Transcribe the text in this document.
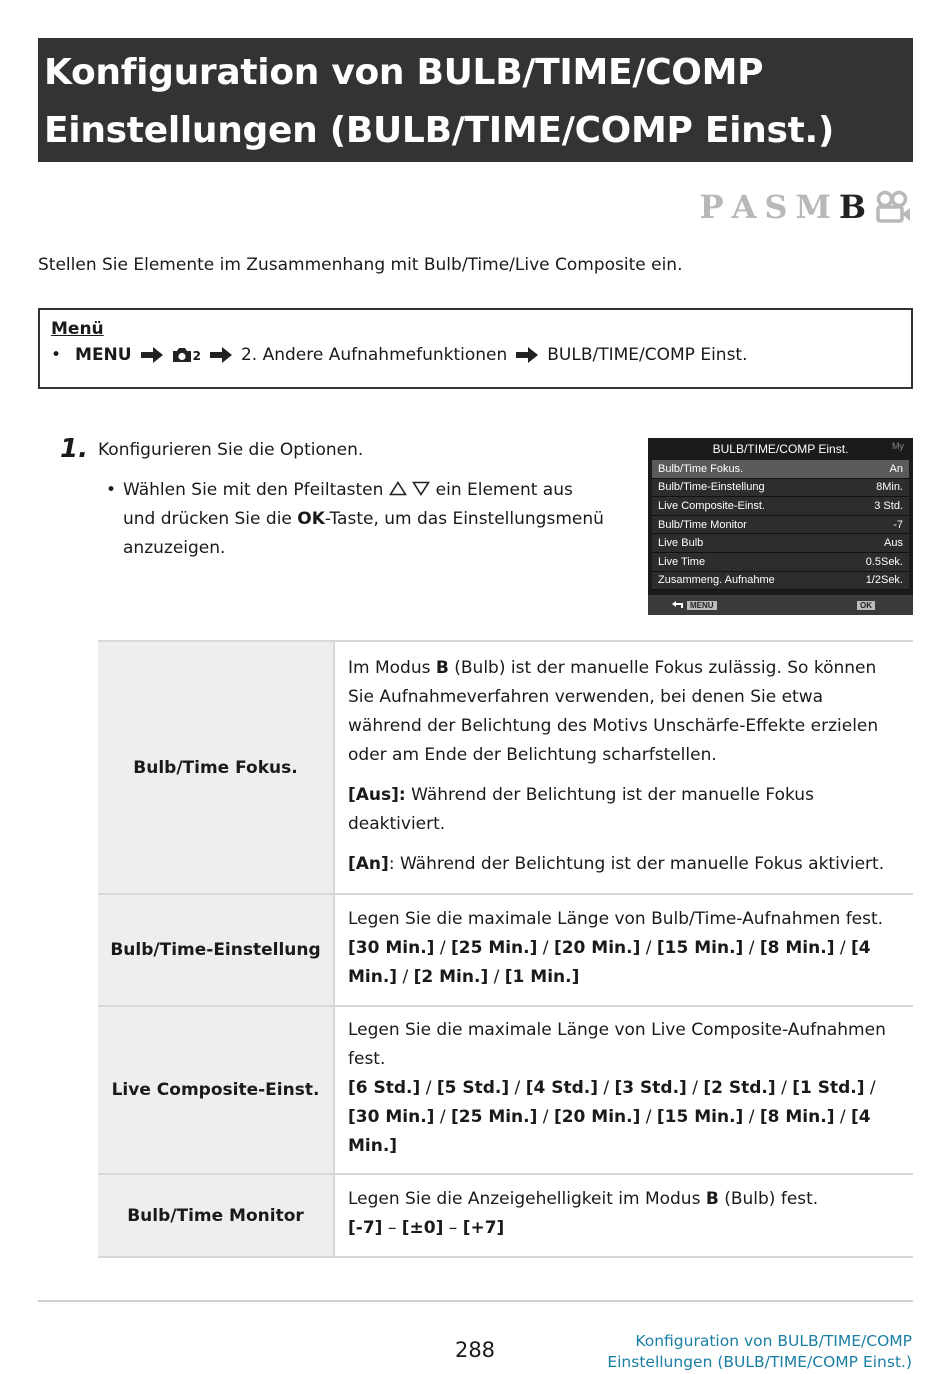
Konfiguration von BULB/TIME/COMP
Einstellungen (BULB/TIME/COMP Einst.)
P A S M B
Stellen Sie Elemente im Zusammenhang mit Bulb/Time/Live Composite ein.
Menü
• MENU	2 2. Andere Aufnahmefunktionen BULB/TIME/COMP Einst.
1. Konfigurieren Sie die Optionen.
• Wählen Sie mit den Pfeiltasten	ein Element aus und drücken Sie die OK-Taste, um das Einstellungsmenü anzuzeigen.
BULB/TIME/COMP Einst.	My
Bulb/Time Fokus.	An
Bulb/Time-Einstellung	8Min.
Live Composite-Einst.	3 Std.
Bulb/Time Monitor	-7
Live Bulb	Aus
Live Time	0.5Sek.
Zusammeng. Aufnahme	1/2Sek.
MENU	OK
Bulb/Time Fokus.	Im Modus B (Bulb) ist der manuelle Fokus zulässig. So können Sie Aufnahmeverfahren verwenden, bei denen Sie etwa während der Belichtung des Motivs Unschärfe-Effekte erzielen oder am Ende der Belichtung scharfstellen.

[Aus]: Während der Belichtung ist der manuelle Fokus deaktiviert.

[An]: Während der Belichtung ist der manuelle Fokus aktiviert.

Bulb/Time-Einstellung	Legen Sie die maximale Länge von Bulb/Time-Aufnahmen fest.
[30 Min.] / [25 Min.] / [20 Min.] / [15 Min.] / [8 Min.] / [4 Min.] / [2 Min.] / [1 Min.]

Live Composite-Einst.	Legen Sie die maximale Länge von Live Composite-Aufnahmen fest.
[6 Std.] / [5 Std.] / [4 Std.] / [3 Std.] / [2 Std.] / [1 Std.] / [30 Min.] / [25 Min.] / [20 Min.] / [15 Min.] / [8 Min.] / [4 Min.]

Bulb/Time Monitor	Legen Sie die Anzeigehelligkeit im Modus B (Bulb) fest.
[-7] – [±0] – [+7]
288	Konfiguration von BULB/TIME/COMP
Einstellungen (BULB/TIME/COMP Einst.)
